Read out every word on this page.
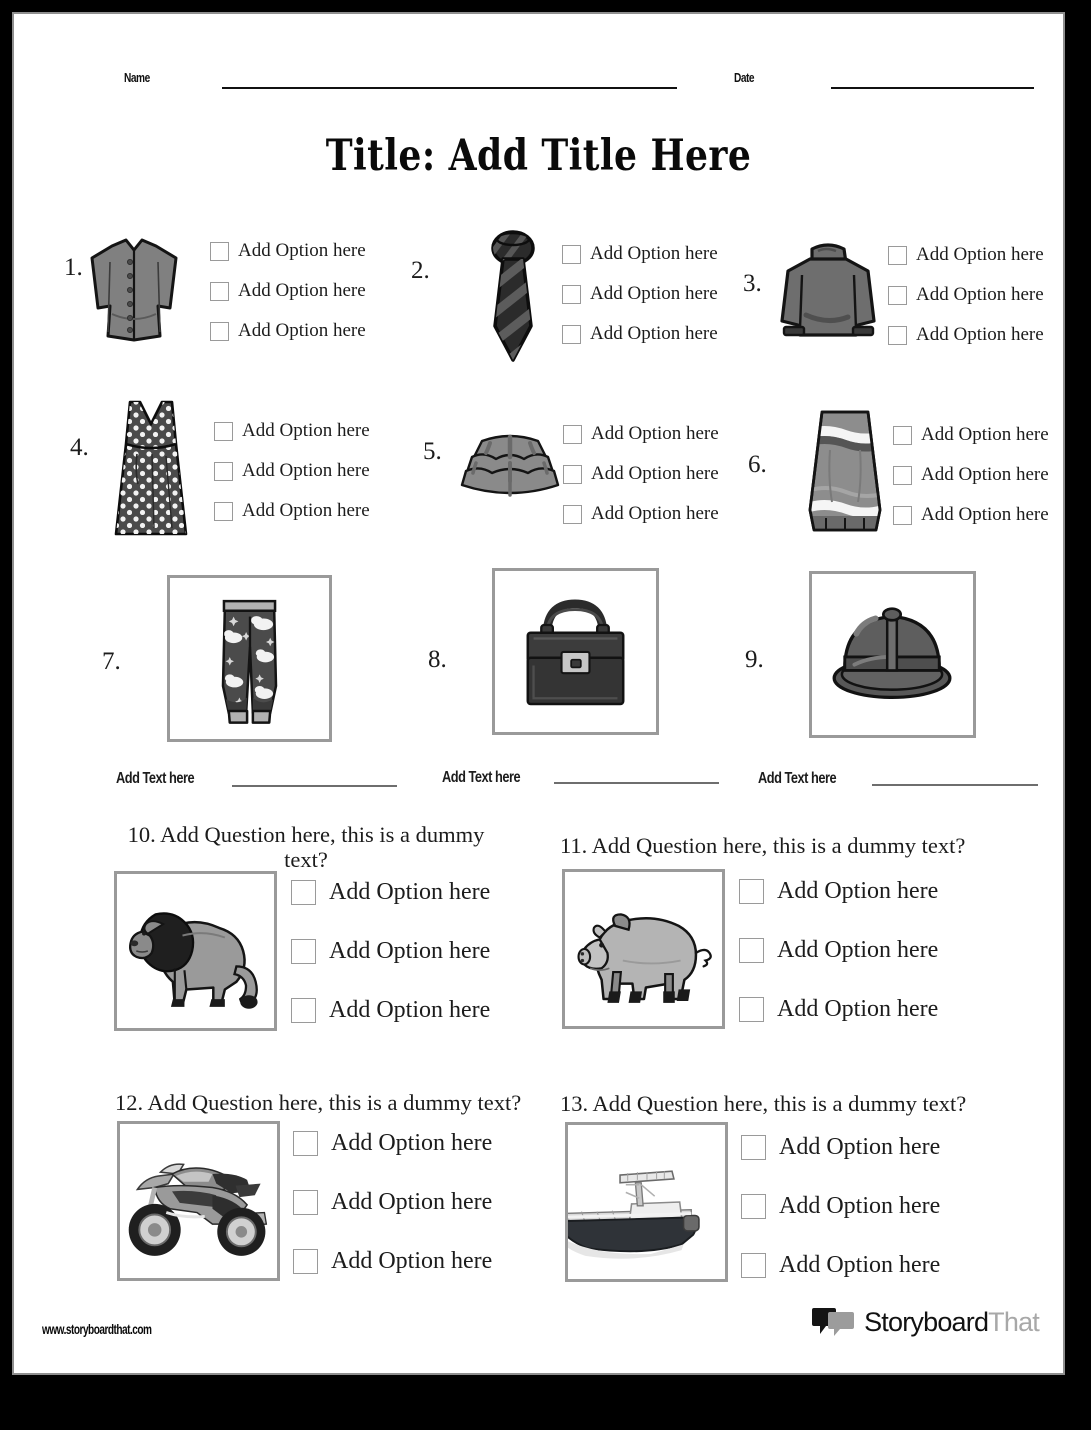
Name	Date
Title: Add Title Here
1.
Add Option here
Add Option here
Add Option here
2.
Add Option here
Add Option here
Add Option here
3.
Add Option here
Add Option here
Add Option here
4.
Add Option here
Add Option here
Add Option here
5.
Add Option here
Add Option here
Add Option here
6.
Add Option here
Add Option here
Add Option here
7.
Add Text here
8.
Add Text here
9.
Add Text here
10. Add Question here, this is a dummy text?
Add Option here
Add Option here
Add Option here
11. Add Question here, this is a dummy text?
Add Option here
Add Option here
Add Option here
12. Add Question here, this is a dummy text?
Add Option here
Add Option here
Add Option here
13. Add Question here, this is a dummy text?
Add Option here
Add Option here
Add Option here
www.storyboardthat.com	StoryboardThat
